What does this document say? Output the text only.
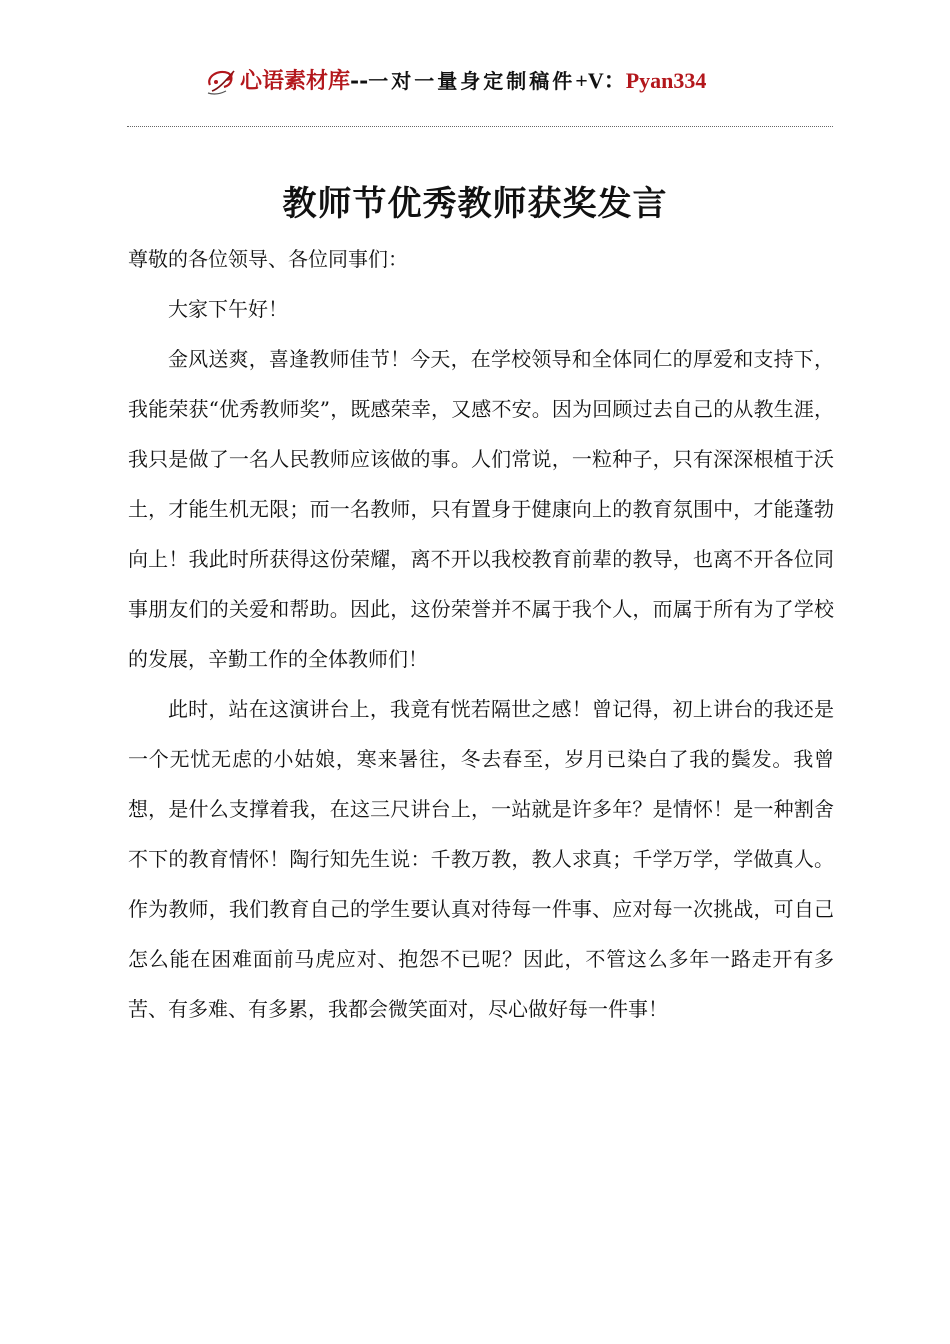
心语素材库--一对一量身定制稿件+V：Pyan334
教师节优秀教师获奖发言

尊敬的各位领导、各位同事们：

大家下午好！

金风送爽，喜逢教师佳节！今天，在学校领导和全体同仁的厚爱和支持下，我能荣获“优秀教师奖”，既感荣幸，又感不安。因为回顾过去自己的从教生涯，我只是做了一名人民教师应该做的事。人们常说，一粒种子，只有深深根植于沃土，才能生机无限；而一名教师，只有置身于健康向上的教育氛围中，才能蓬勃向上！我此时所获得这份荣耀，离不开以我校教育前辈的教导，也离不开各位同事朋友们的关爱和帮助。因此，这份荣誉并不属于我个人，而属于所有为了学校的发展，辛勤工作的全体教师们！

此时，站在这演讲台上，我竟有恍若隔世之感！曾记得，初上讲台的我还是一个无忧无虑的小姑娘，寒来暑往，冬去春至，岁月已染白了我的鬓发。我曾想，是什么支撑着我，在这三尺讲台上，一站就是许多年？是情怀！是一种割舍不下的教育情怀！陶行知先生说：千教万教，教人求真；千学万学，学做真人。作为教师，我们教育自己的学生要认真对待每一件事、应对每一次挑战，可自己怎么能在困难面前马虎应对、抱怨不已呢？因此，不管这么多年一路走开有多苦、有多难、有多累，我都会微笑面对，尽心做好每一件事！
